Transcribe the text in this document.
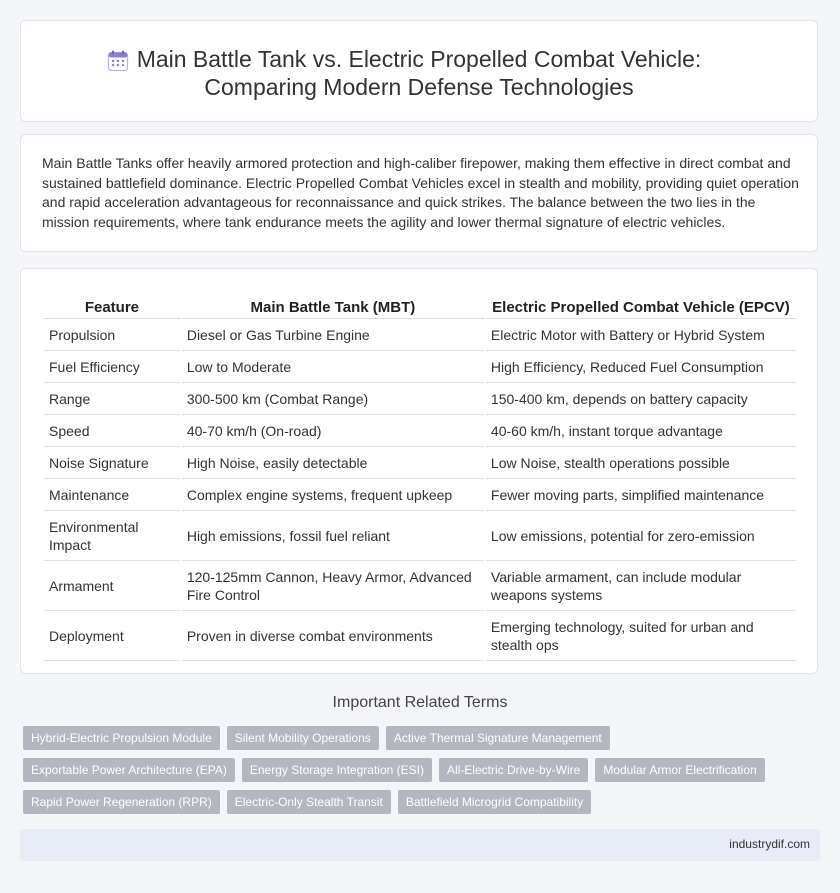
Main Battle Tank vs. Electric Propelled Combat Vehicle:
Comparing Modern Defense Technologies
Main Battle Tanks offer heavily armored protection and high-caliber firepower, making them effective in direct combat and sustained battlefield dominance. Electric Propelled Combat Vehicles excel in stealth and mobility, providing quiet operation and rapid acceleration advantageous for reconnaissance and quick strikes. The balance between the two lies in the mission requirements, where tank endurance meets the agility and lower thermal signature of electric vehicles.
Feature	Main Battle Tank (MBT)	Electric Propelled Combat Vehicle (EPCV)
Propulsion	Diesel or Gas Turbine Engine	Electric Motor with Battery or Hybrid System
Fuel Efficiency	Low to Moderate	High Efficiency, Reduced Fuel Consumption
Range	300-500 km (Combat Range)	150-400 km, depends on battery capacity
Speed	40-70 km/h (On-road)	40-60 km/h, instant torque advantage
Noise Signature	High Noise, easily detectable	Low Noise, stealth operations possible
Maintenance	Complex engine systems, frequent upkeep	Fewer moving parts, simplified maintenance
Environmental Impact	High emissions, fossil fuel reliant	Low emissions, potential for zero-emission
Armament	120-125mm Cannon, Heavy Armor, Advanced Fire Control	Variable armament, can include modular weapons systems
Deployment	Proven in diverse combat environments	Emerging technology, suited for urban and stealth ops
Important Related Terms
Hybrid-Electric Propulsion Module	Silent Mobility Operations	Active Thermal Signature Management
Exportable Power Architecture (EPA)	Energy Storage Integration (ESI)	All-Electric Drive-by-Wire	Modular Armor Electrification
Rapid Power Regeneration (RPR)	Electric-Only Stealth Transit	Battlefield Microgrid Compatibility
industrydif.com
